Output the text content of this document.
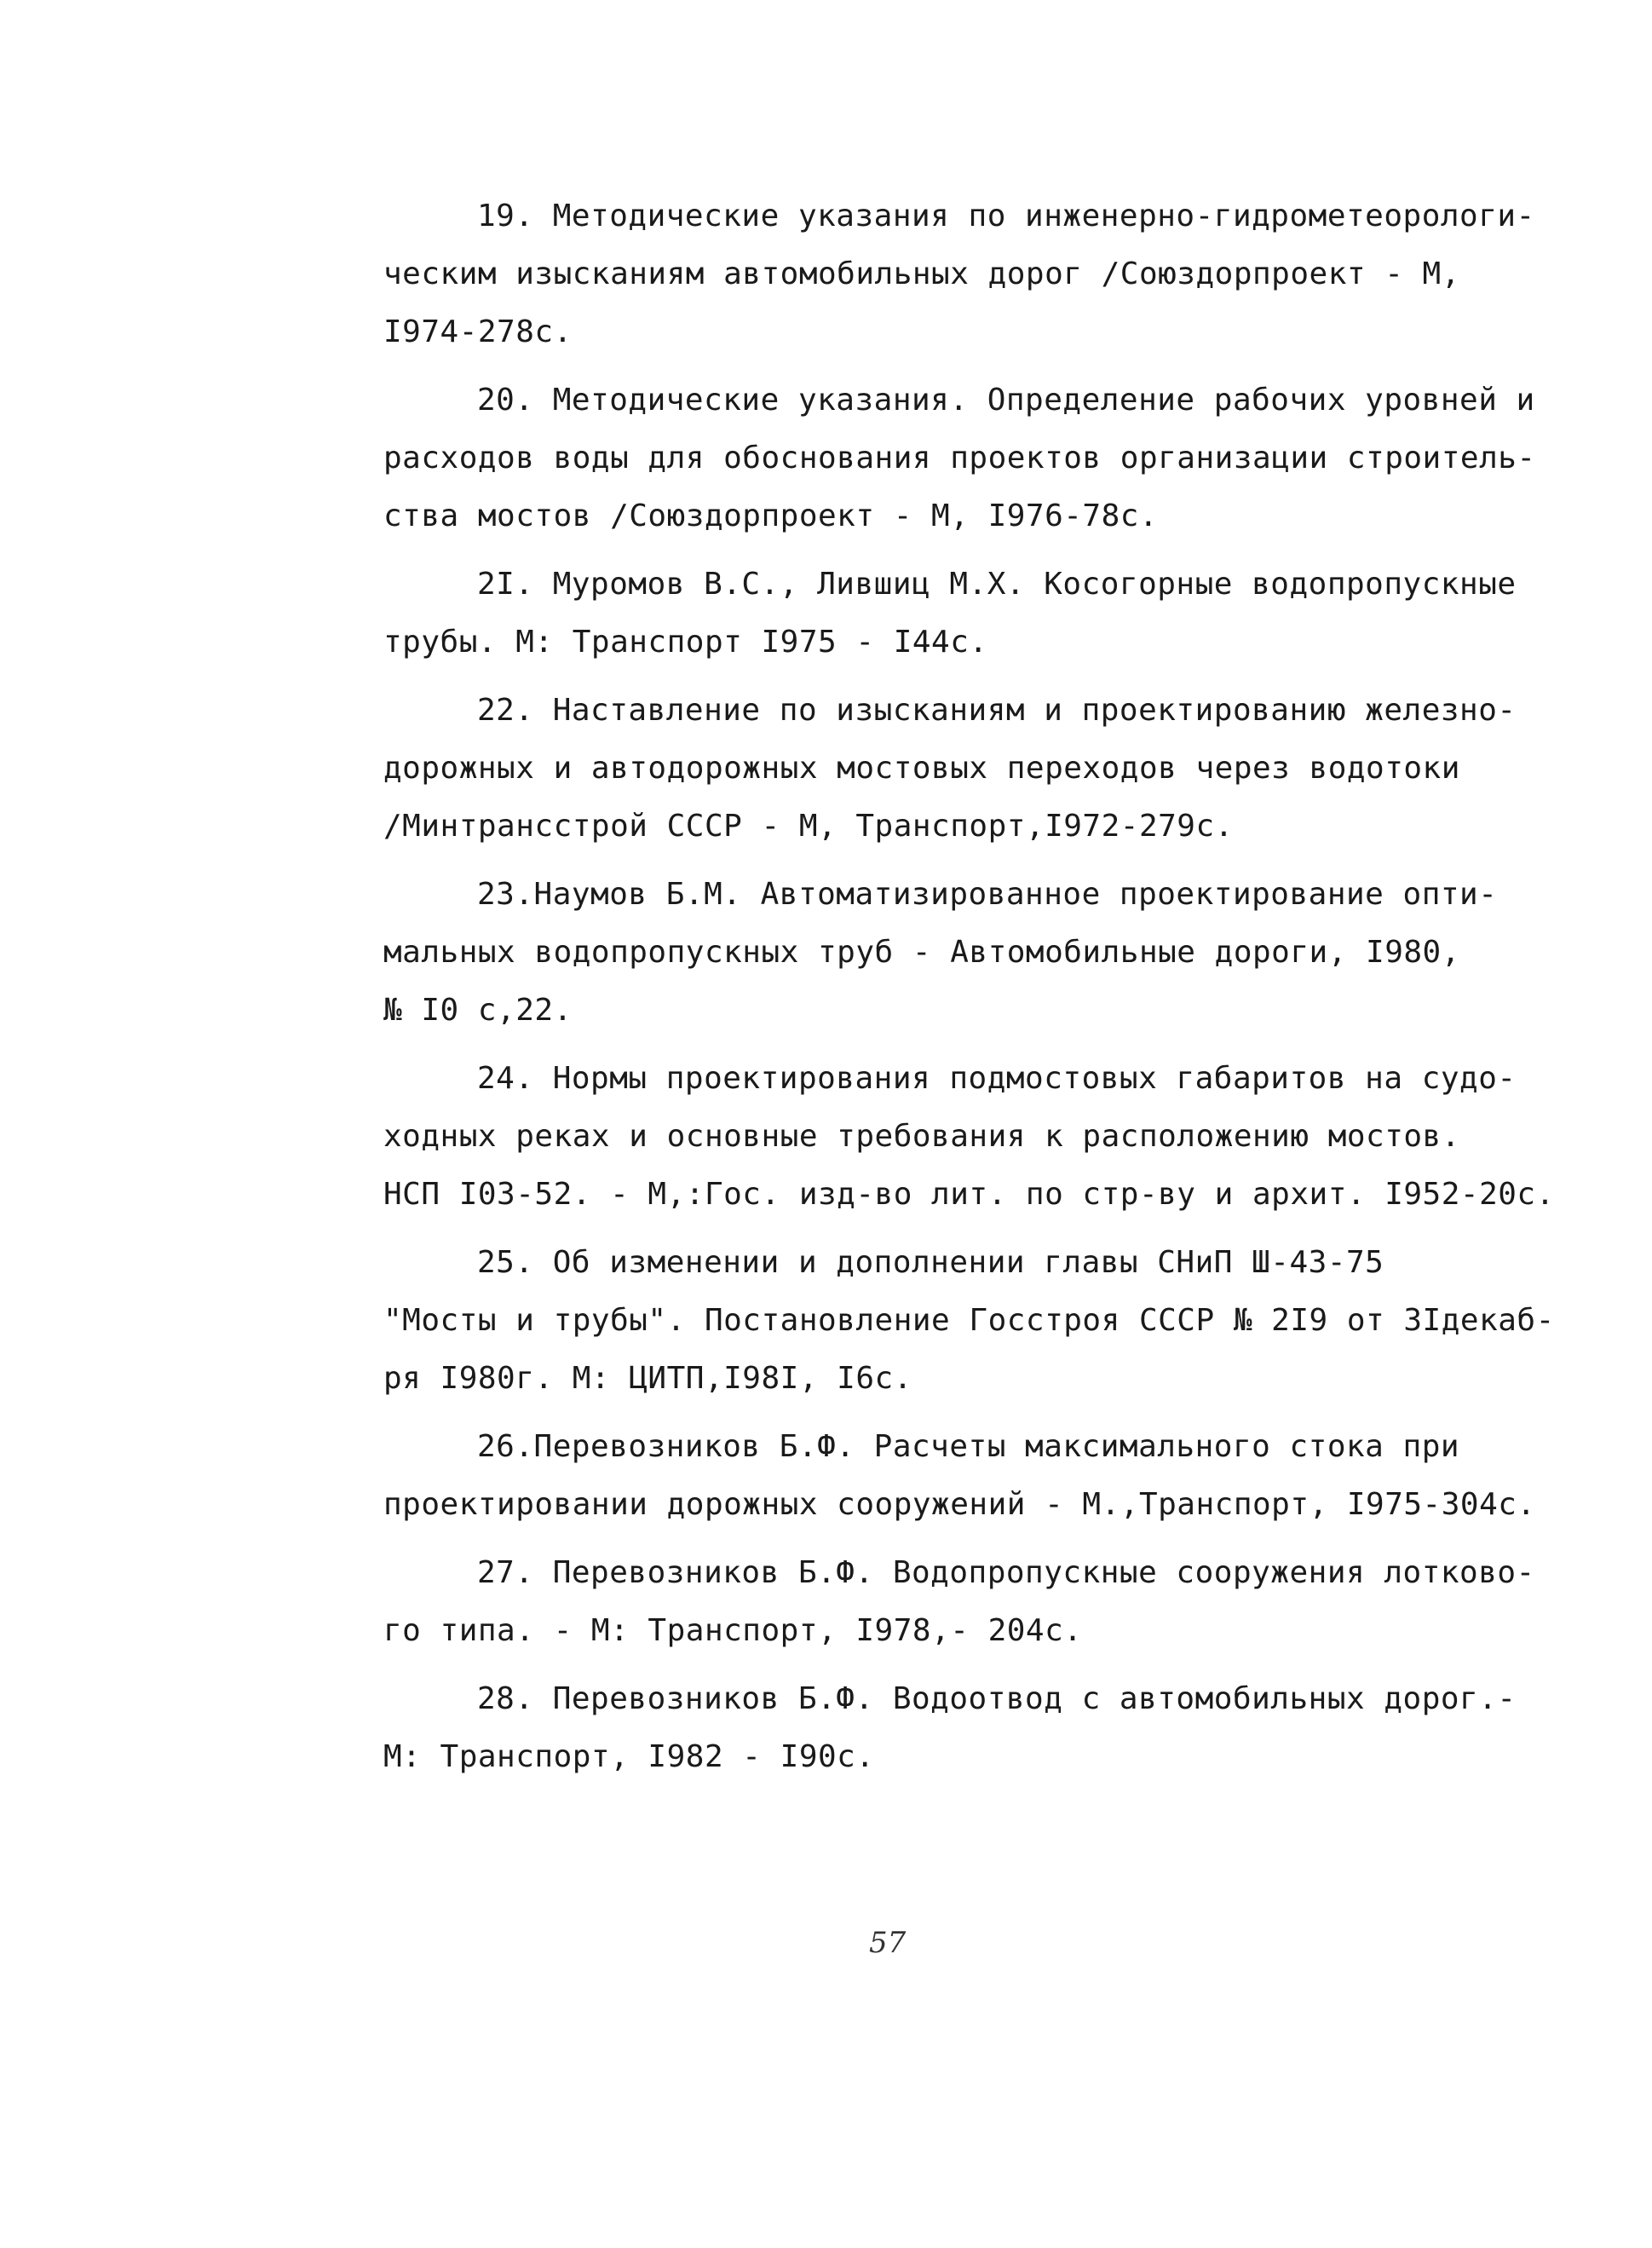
19. Методические указания по инженерно-гидрометеорологи-
ческим изысканиям автомобильных дорог /Союздорпроект - М,
I974-278с.
20. Методические указания. Определение рабочих уровней и
расходов воды для обоснования проектов организации строитель-
ства мостов /Союздорпроект - М, I976-78с.
2I. Муромов В.С., Лившиц М.Х. Косогорные водопропускные
трубы. М: Транспорт I975 - I44с.
22. Наставление по изысканиям и проектированию железно-
дорожных и автодорожных мостовых переходов через водотоки
/Минтрансстрой СССР - М, Транспорт,I972-279с.
23.Наумов Б.М. Автоматизированное проектирование опти-
мальных водопропускных труб - Автомобильные дороги, I980,
№ I0 с,22.
24. Нормы проектирования подмостовых габаритов на судо-
ходных реках и основные требования к расположению мостов.
НСП I03-52. - М,:Гос. изд-во лит. по стр-ву и архит. I952-20с.
25. Об изменении и дополнении главы СНиП Ш-43-75
"Мосты и трубы". Постановление Госстроя СССР № 2I9 от 3Iдекаб-
ря I980г. М: ЦИТП,I98I, I6с.
26.Перевозников Б.Ф. Расчеты максимального стока при
проектировании дорожных сооружений - М.,Транспорт, I975-304с.
27. Перевозников Б.Ф. Водопропускные сооружения лотково-
го типа. - М: Транспорт, I978,- 204с.
28. Перевозников Б.Ф. Водоотвод с автомобильных дорог.-
М: Транспорт, I982 - I90с.
57
